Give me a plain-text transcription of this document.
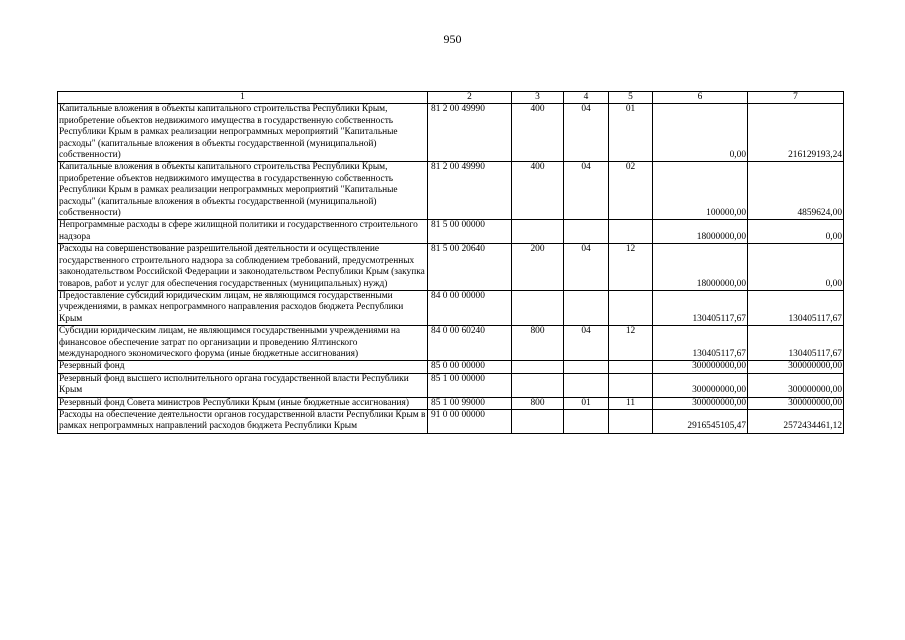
950
1	2	3	4	5	6	7
Капитальные вложения в объекты капитального строительства Республики Крым, приобретение объектов недвижимого имущества в государственную собственность Республики Крым в рамках реализации непрограммных мероприятий "Капитальные расходы" (капитальные вложения в объекты государственной (муниципальной) собственности)	81 2 00 49990	400	04	01	0,00	216129193,24
Капитальные вложения в объекты капитального строительства Республики Крым, приобретение объектов недвижимого имущества в государственную собственность Республики Крым в рамках реализации непрограммных мероприятий "Капитальные расходы" (капитальные вложения в объекты государственной (муниципальной) собственности)	81 2 00 49990	400	04	02	100000,00	4859624,00
Непрограммные расходы в сфере жилищной политики и государственного строительного надзора	81 5 00 00000				18000000,00	0,00
Расходы на совершенствование разрешительной деятельности и осуществление государственного строительного надзора за соблюдением требований, предусмотренных законодательством Российской Федерации и законодательством Республики Крым (закупка товаров, работ и услуг для обеспечения государственных (муниципальных) нужд)	81 5 00 20640	200	04	12	18000000,00	0,00
Предоставление субсидий юридическим лицам, не являющимся государственными учреждениями, в рамках непрограммного направления расходов бюджета Республики Крым	84 0 00 00000				130405117,67	130405117,67
Субсидии юридическим лицам, не являющимся государственными учреждениями на финансовое обеспечение затрат по организации и проведению Ялтинского международного экономического форума (иные бюджетные ассигнования)	84 0 00 60240	800	04	12	130405117,67	130405117,67
Резервный фонд	85 0 00 00000				300000000,00	300000000,00
Резервный фонд высшего исполнительного органа государственной власти Республики Крым	85 1 00 00000				300000000,00	300000000,00
Резервный фонд Совета министров Республики Крым (иные бюджетные ассигнования)	85 1 00 99000	800	01	11	300000000,00	300000000,00
Расходы на обеспечение деятельности органов государственной власти Республики Крым в рамках непрограммных направлений расходов бюджета Республики Крым	91 0 00 00000				2916545105,47	2572434461,12
